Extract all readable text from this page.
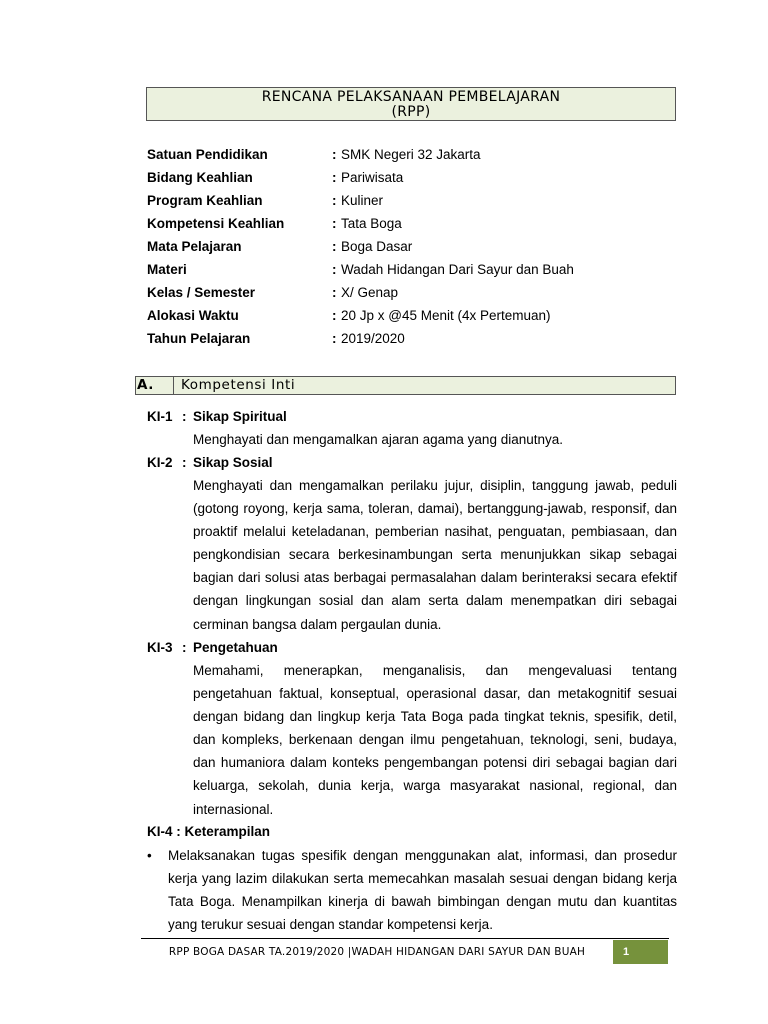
RENCANA PELAKSANAAN PEMBELAJARAN
(RPP)
Satuan Pendidikan	: SMK Negeri 32 Jakarta
Bidang Keahlian	: Pariwisata
Program Keahlian	: Kuliner
Kompetensi Keahlian	: Tata Boga
Mata Pelajaran	: Boga Dasar
Materi	: Wadah Hidangan Dari Sayur dan Buah
Kelas / Semester	: X/ Genap
Alokasi Waktu	: 20 Jp x @45 Menit (4x Pertemuan)
Tahun Pelajaran	: 2019/2020
A. Kompetensi Inti
KI-1 : Sikap Spiritual
Menghayati dan mengamalkan ajaran agama yang dianutnya.
KI-2 : Sikap Sosial
Menghayati dan mengamalkan perilaku jujur, disiplin, tanggung jawab, peduli (gotong royong, kerja sama, toleran, damai), bertanggung-jawab, responsif, dan proaktif melalui keteladanan, pemberian nasihat, penguatan, pembiasaan, dan pengkondisian secara berkesinambungan serta menunjukkan sikap sebagai bagian dari solusi atas berbagai permasalahan dalam berinteraksi secara efektif dengan lingkungan sosial dan alam serta dalam menempatkan diri sebagai cerminan bangsa dalam pergaulan dunia.
KI-3 : Pengetahuan
Memahami, menerapkan, menganalisis, dan mengevaluasi tentang pengetahuan faktual, konseptual, operasional dasar, dan metakognitif sesuai dengan bidang dan lingkup kerja Tata Boga pada tingkat teknis, spesifik, detil, dan kompleks, berkenaan dengan ilmu pengetahuan, teknologi, seni, budaya, dan humaniora dalam konteks pengembangan potensi diri sebagai bagian dari keluarga, sekolah, dunia kerja, warga masyarakat nasional, regional, dan internasional.
KI-4 : Keterampilan
• Melaksanakan tugas spesifik dengan menggunakan alat, informasi, dan prosedur kerja yang lazim dilakukan serta memecahkan masalah sesuai dengan bidang kerja Tata Boga. Menampilkan kinerja di bawah bimbingan dengan mutu dan kuantitas yang terukur sesuai dengan standar kompetensi kerja.
RPP BOGA DASAR TA.2019/2020 |WADAH HIDANGAN DARI SAYUR DAN BUAH	1
